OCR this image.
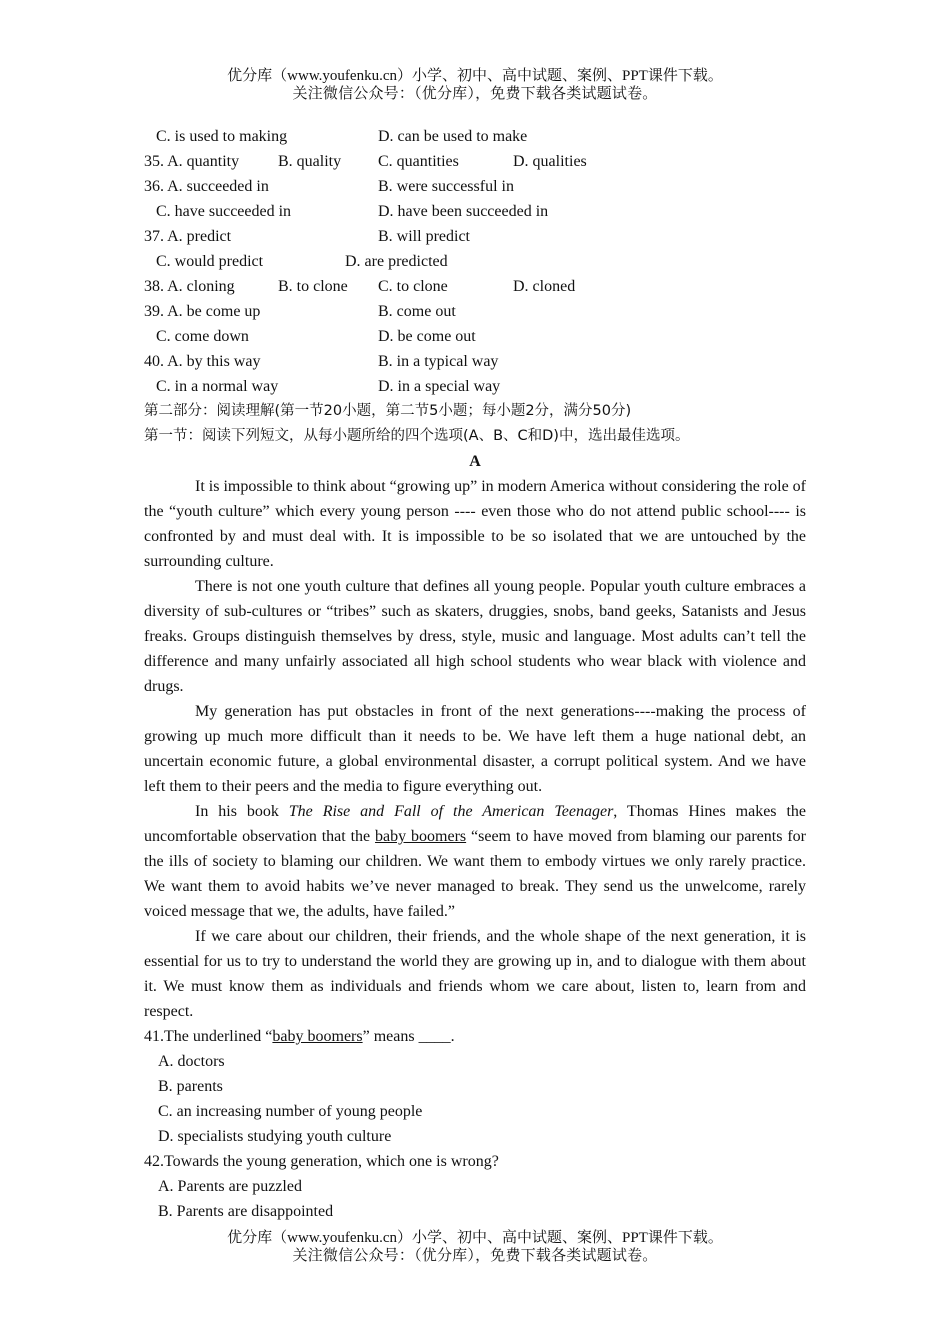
优分库（www.youfenku.cn）小学、初中、高中试题、案例、PPT课件下载。
关注微信公众号：（优分库），免费下载各类试题试卷。
C. is used to making	D. can be used to make
35. A. quantity B. quality C. quantities	D. qualities
36. A. succeeded in	B. were successful in
C. have succeeded in	D. have been succeeded in
37. A. predict	B. will predict
C. would predict	D. are predicted
38. A. cloning	B. to clone C. to clone	D. cloned
39. A. be come up	B. come out
C. come down	D. be come out
40. A. by this way	B. in a typical way
C. in a normal way	D. in a special way
第二部分：阅读理解(第一节20小题，第二节5小题；每小题2分，满分50分)
第一节：阅读下列短文，从每小题所给的四个选项(A、B、C和D)中，选出最佳选项。
A

It is impossible to think about “growing up” in modern America without considering the role of the “youth culture” which every young person ---- even those who do not attend public school---- is confronted by and must deal with. It is impossible to be so isolated that we are untouched by the surrounding culture.

There is not one youth culture that defines all young people. Popular youth culture embraces a diversity of sub-cultures or “tribes” such as skaters, druggies, snobs, band geeks, Satanists and Jesus freaks. Groups distinguish themselves by dress, style, music and language. Most adults can’t tell the difference and many unfairly associated all high school students who wear black with violence and drugs.

My generation has put obstacles in front of the next generations----making the process of growing up much more difficult than it needs to be. We have left them a huge national debt, an uncertain economic future, a global environmental disaster, a corrupt political system. And we have left them to their peers and the media to figure everything out.

In his book The Rise and Fall of the American Teenager, Thomas Hines makes the uncomfortable observation that the baby boomers “seem to have moved from blaming our parents for the ills of society to blaming our children. We want them to embody virtues we only rarely practice. We want them to avoid habits we’ve never managed to break. They send us the unwelcome, rarely voiced message that we, the adults, have failed.”

If we care about our children, their friends, and the whole shape of the next generation, it is essential for us to try to understand the world they are growing up in, and to dialogue with them about it. We must know them as individuals and friends whom we care about, listen to, learn from and respect.

41.The underlined “baby boomers” means ____.
A. doctors
B. parents
C. an increasing number of young people
D. specialists studying youth culture
42.Towards the young generation, which one is wrong?
A. Parents are puzzled
B. Parents are disappointed
优分库（www.youfenku.cn）小学、初中、高中试题、案例、PPT课件下载。
关注微信公众号：（优分库），免费下载各类试题试卷。
